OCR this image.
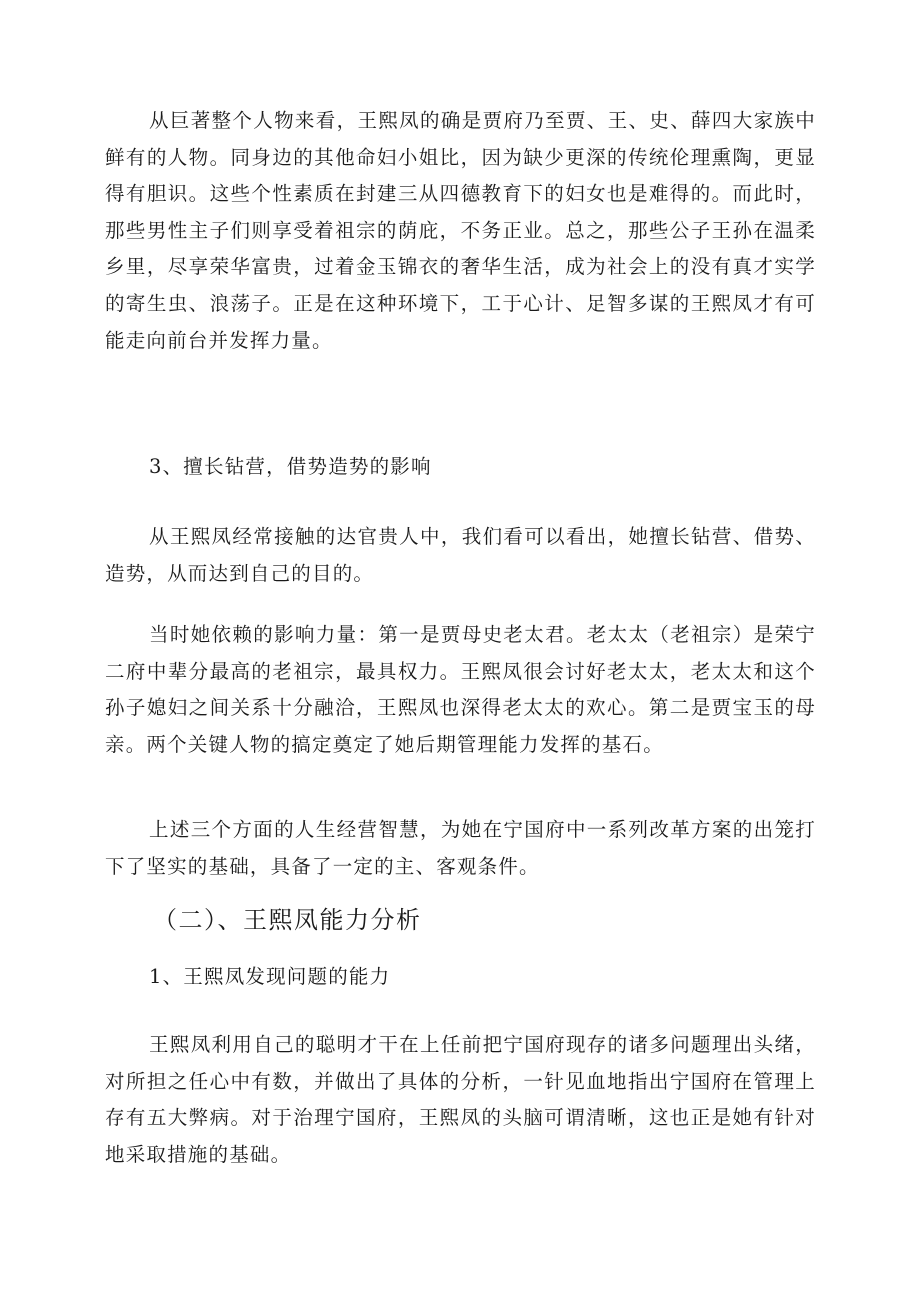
从巨著整个人物来看，王熙凤的确是贾府乃至贾、王、史、薛四大家族中鲜有的人物。同身边的其他命妇小姐比，因为缺少更深的传统伦理熏陶，更显得有胆识。这些个性素质在封建三从四德教育下的妇女也是难得的。而此时，那些男性主子们则享受着祖宗的荫庇，不务正业。总之，那些公子王孙在温柔乡里，尽享荣华富贵，过着金玉锦衣的奢华生活，成为社会上的没有真才实学的寄生虫、浪荡子。正是在这种环境下，工于心计、足智多谋的王熙凤才有可能走向前台并发挥力量。

3、擅长钻营，借势造势的影响

从王熙凤经常接触的达官贵人中，我们看可以看出，她擅长钻营、借势、造势，从而达到自己的目的。

当时她依赖的影响力量：第一是贾母史老太君。老太太（老祖宗）是荣宁二府中辈分最高的老祖宗，最具权力。王熙凤很会讨好老太太，老太太和这个孙子媳妇之间关系十分融洽，王熙凤也深得老太太的欢心。第二是贾宝玉的母亲。两个关键人物的搞定奠定了她后期管理能力发挥的基石。

上述三个方面的人生经营智慧，为她在宁国府中一系列改革方案的出笼打下了坚实的基础，具备了一定的主、客观条件。

（二）、王熙凤能力分析

1、王熙凤发现问题的能力

王熙凤利用自己的聪明才干在上任前把宁国府现存的诸多问题理出头绪，对所担之任心中有数，并做出了具体的分析，一针见血地指出宁国府在管理上存有五大弊病。对于治理宁国府，王熙凤的头脑可谓清晰，这也正是她有针对地采取措施的基础。
